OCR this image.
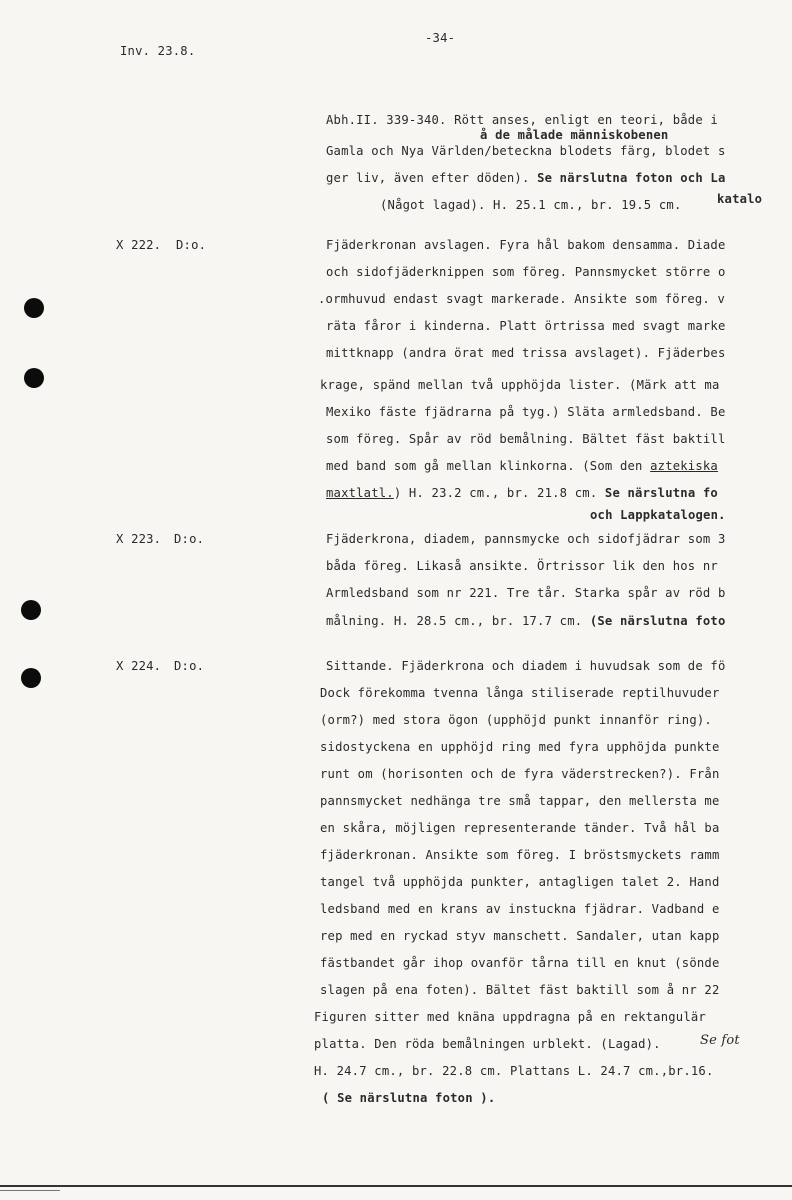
-34-
Inv. 23.8.
Abh.II. 339-340. Rött anses, enligt en teori, både i
å de målade människobenen
Gamla och Nya Världen/beteckna blodets färg, blodet s
ger liv, även efter döden). Se närslutna foton och La
(Något lagad). H. 25.1 cm., br. 19.5 cm.	katalo
X 222. D:o.	Fjäderkronan avslagen. Fyra hål bakom densamma. Diade
och sidofjäderknippen som föreg. Pannsmycket större o
.ormhuvud endast svagt markerade. Ansikte som föreg. v
räta fåror i kinderna. Platt örtrissa med svagt marke
mittknapp (andra örat med trissa avslaget). Fjäderbes
krage, spänd mellan två upphöjda lister. (Märk att ma
Mexiko fäste fjädrarna på tyg.) Släta armledsband. Be
som föreg. Spår av röd bemålning. Bältet fäst baktill
med band som gå mellan klinkorna. (Som den aztekiska
maxtlatl.) H. 23.2 cm., br. 21.8 cm. Se närslutna fo
och Lappkatalogen.
X 223. D:o.	Fjäderkrona, diadem, pannsmycke och sidofjädrar som 3
båda föreg. Likaså ansikte. Örtrissor lik den hos nr
Armledsband som nr 221. Tre tår. Starka spår av röd b
målning. H. 28.5 cm., br. 17.7 cm. (Se närslutna foto
X 224. D:o.	Sittande. Fjäderkrona och diadem i huvudsak som de fö
Dock förekomma tvenna långa stiliserade reptilhuvuder
(orm?) med stora ögon (upphöjd punkt innanför ring).
sidostyckena en upphöjd ring med fyra upphöjda punkte
runt om (horisonten och de fyra väderstrecken?). Från
pannsmycket nedhänga tre små tappar, den mellersta me
en skåra, möjligen representerande tänder. Två hål ba
fjäderkronan. Ansikte som föreg. I bröstsmyckets ramm
tangel två upphöjda punkter, antagligen talet 2. Hand
ledsband med en krans av instuckna fjädrar. Vadband e
rep med en ryckad styv manschett. Sandaler, utan kapp
fästbandet går ihop ovanför tårna till en knut (sönde
slagen på ena foten). Bältet fäst baktill som å nr 22
Figuren sitter med knäna uppdragna på en rektangulär
platta. Den röda bemålningen urblekt. (Lagad).	Se fot
H. 24.7 cm., br. 22.8 cm. Plattans L. 24.7 cm.,br.16.
( Se närslutna foton ).
